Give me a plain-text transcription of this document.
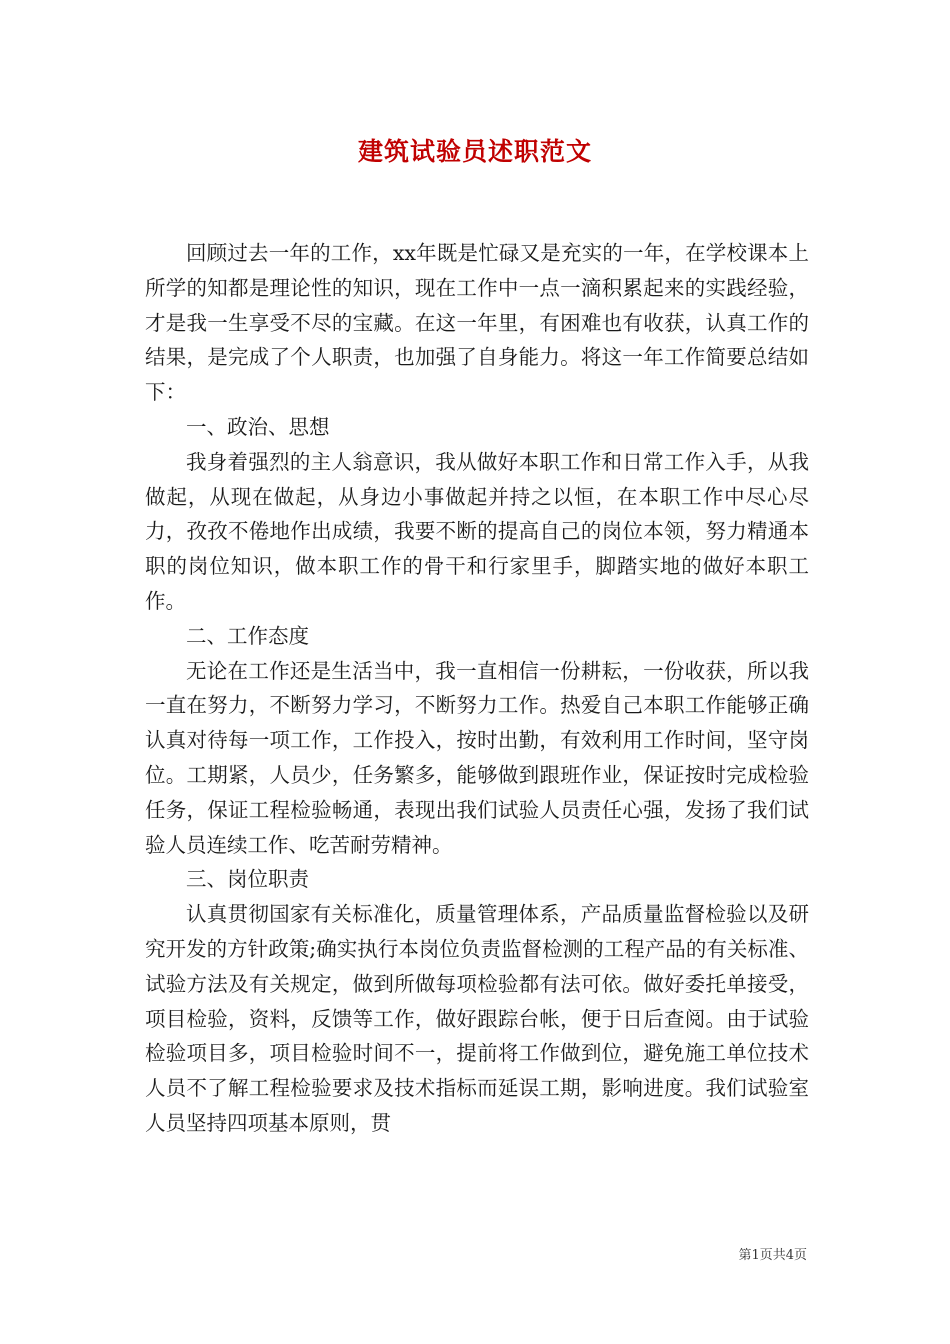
建筑试验员述职范文

回顾过去一年的工作，xx年既是忙碌又是充实的一年，在学校课本上所学的知都是理论性的知识，现在工作中一点一滴积累起来的实践经验，才是我一生享受不尽的宝藏。在这一年里，有困难也有收获，认真工作的结果，是完成了个人职责，也加强了自身能力。将这一年工作简要总结如下：

一、政治、思想

我身着强烈的主人翁意识，我从做好本职工作和日常工作入手，从我做起，从现在做起，从身边小事做起并持之以恒，在本职工作中尽心尽力，孜孜不倦地作出成绩，我要不断的提高自己的岗位本领，努力精通本职的岗位知识，做本职工作的骨干和行家里手，脚踏实地的做好本职工作。

二、工作态度

无论在工作还是生活当中，我一直相信一份耕耘，一份收获，所以我一直在努力，不断努力学习，不断努力工作。热爱自己本职工作能够正确认真对待每一项工作，工作投入，按时出勤，有效利用工作时间，坚守岗位。工期紧，人员少，任务繁多，能够做到跟班作业，保证按时完成检验任务，保证工程检验畅通，表现出我们试验人员责任心强，发扬了我们试验人员连续工作、吃苦耐劳精神。

三、岗位职责

认真贯彻国家有关标准化，质量管理体系，产品质量监督检验以及研究开发的方针政策;确实执行本岗位负责监督检测的工程产品的有关标准、试验方法及有关规定，做到所做每项检验都有法可依。做好委托单接受，项目检验，资料，反馈等工作，做好跟踪台帐，便于日后查阅。由于试验检验项目多，项目检验时间不一，提前将工作做到位，避免施工单位技术人员不了解工程检验要求及技术指标而延误工期，影响进度。我们试验室人员坚持四项基本原则，贯

第1页共4页
